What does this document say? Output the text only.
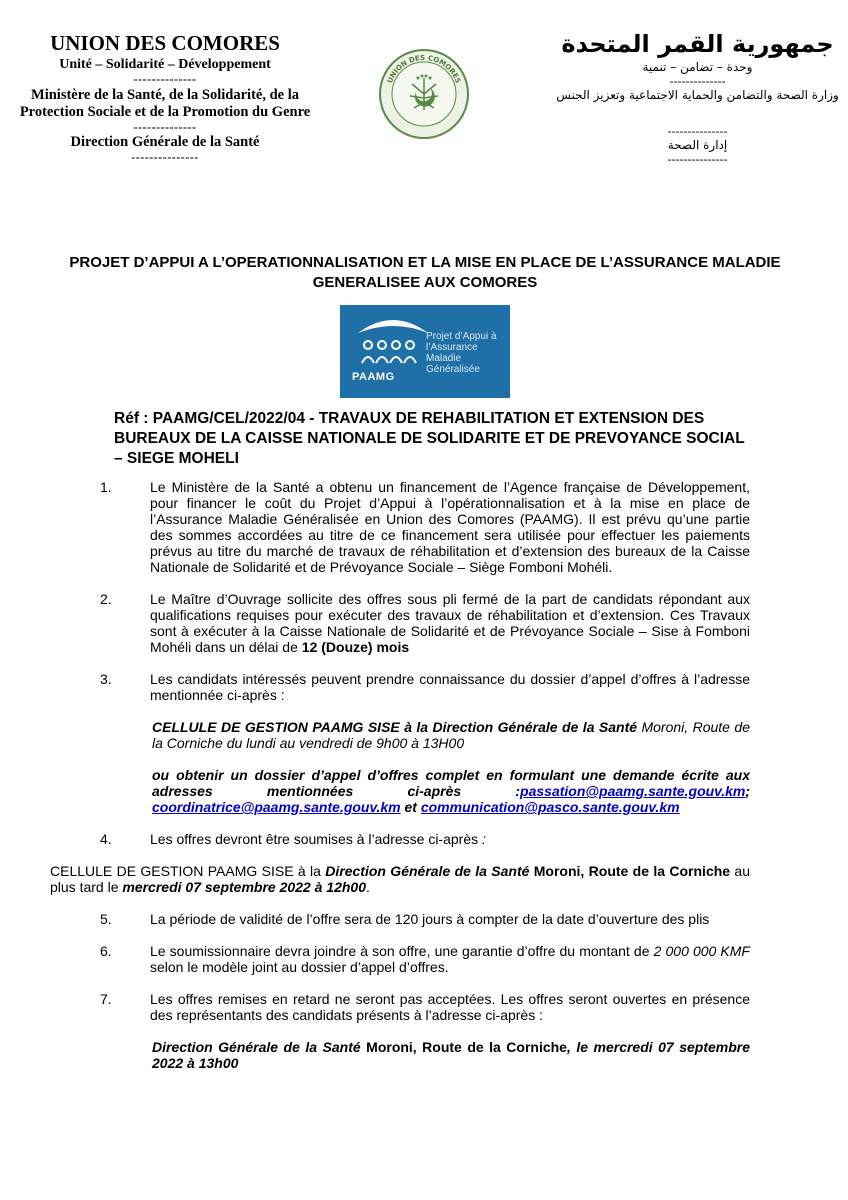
UNION DES COMORES
Unité – Solidarité – Développement
--------------
Ministère de la Santé, de la Solidarité, de la Protection Sociale et de la Promotion du Genre
--------------
Direction Générale de la Santé
---------------
UNION DES COMORES
جمهورية القمر المتحدة
وحدة – تضامن – تنمية
--------------
وزارة الصحة والتضامن والحماية الاجتماعية وتعزيز الجنس
---------------
إدارة الصحة
---------------
PROJET D’APPUI A L’OPERATIONNALISATION ET LA MISE EN PLACE DE L’ASSURANCE MALADIE GENERALISEE AUX COMORES
PAAMG
Projet d’Appui à l’Assurance Maladie Généralisée
Réf : PAAMG/CEL/2022/04 - TRAVAUX DE REHABILITATION ET EXTENSION DES BUREAUX DE LA CAISSE NATIONALE DE SOLIDARITE ET DE PREVOYANCE SOCIAL – SIEGE MOHELI
1.	Le Ministère de la Santé a obtenu un financement de l’Agence française de Développement, pour financer le coût du Projet d’Appui à l’opérationnalisation et à la mise en place de l’Assurance Maladie Généralisée en Union des Comores (PAAMG). Il est prévu qu’une partie des sommes accordées au titre de ce financement sera utilisée pour effectuer les paiements prévus au titre du marché de travaux de réhabilitation et d’extension des bureaux de la Caisse Nationale de Solidarité et de Prévoyance Sociale – Siège Fomboni Mohéli.
2.	Le Maître d’Ouvrage sollicite des offres sous pli fermé de la part de candidats répondant aux qualifications requises pour exécuter des travaux de réhabilitation et d’extension. Ces Travaux sont à exécuter à la Caisse Nationale de Solidarité et de Prévoyance Sociale – Sise à Fomboni Mohéli dans un délai de 12 (Douze) mois
3.	Les candidats intéressés peuvent prendre connaissance du dossier d’appel d’offres à l’adresse mentionnée ci-après :
CELLULE DE GESTION PAAMG SISE à la Direction Générale de la Santé Moroni, Route de la Corniche du lundi au vendredi de 9h00 à 13H00
ou obtenir un dossier d’appel d’offres complet en formulant une demande écrite aux adresses mentionnées ci-après :passation@paamg.sante.gouv.km; coordinatrice@paamg.sante.gouv.km et communication@pasco.sante.gouv.km
4.	Les offres devront être soumises à l’adresse ci-après :
CELLULE DE GESTION PAAMG SISE à la Direction Générale de la Santé Moroni, Route de la Corniche au plus tard le mercredi 07 septembre 2022 à 12h00.
5.	La période de validité de l’offre sera de 120 jours à compter de la date d’ouverture des plis
6.	Le soumissionnaire devra joindre à son offre, une garantie d’offre du montant de 2 000 000 KMF selon le modèle joint au dossier d’appel d’offres.
7.	Les offres remises en retard ne seront pas acceptées. Les offres seront ouvertes en présence des représentants des candidats présents à l’adresse ci-après :
Direction Générale de la Santé Moroni, Route de la Corniche, le mercredi 07 septembre 2022 à 13h00
